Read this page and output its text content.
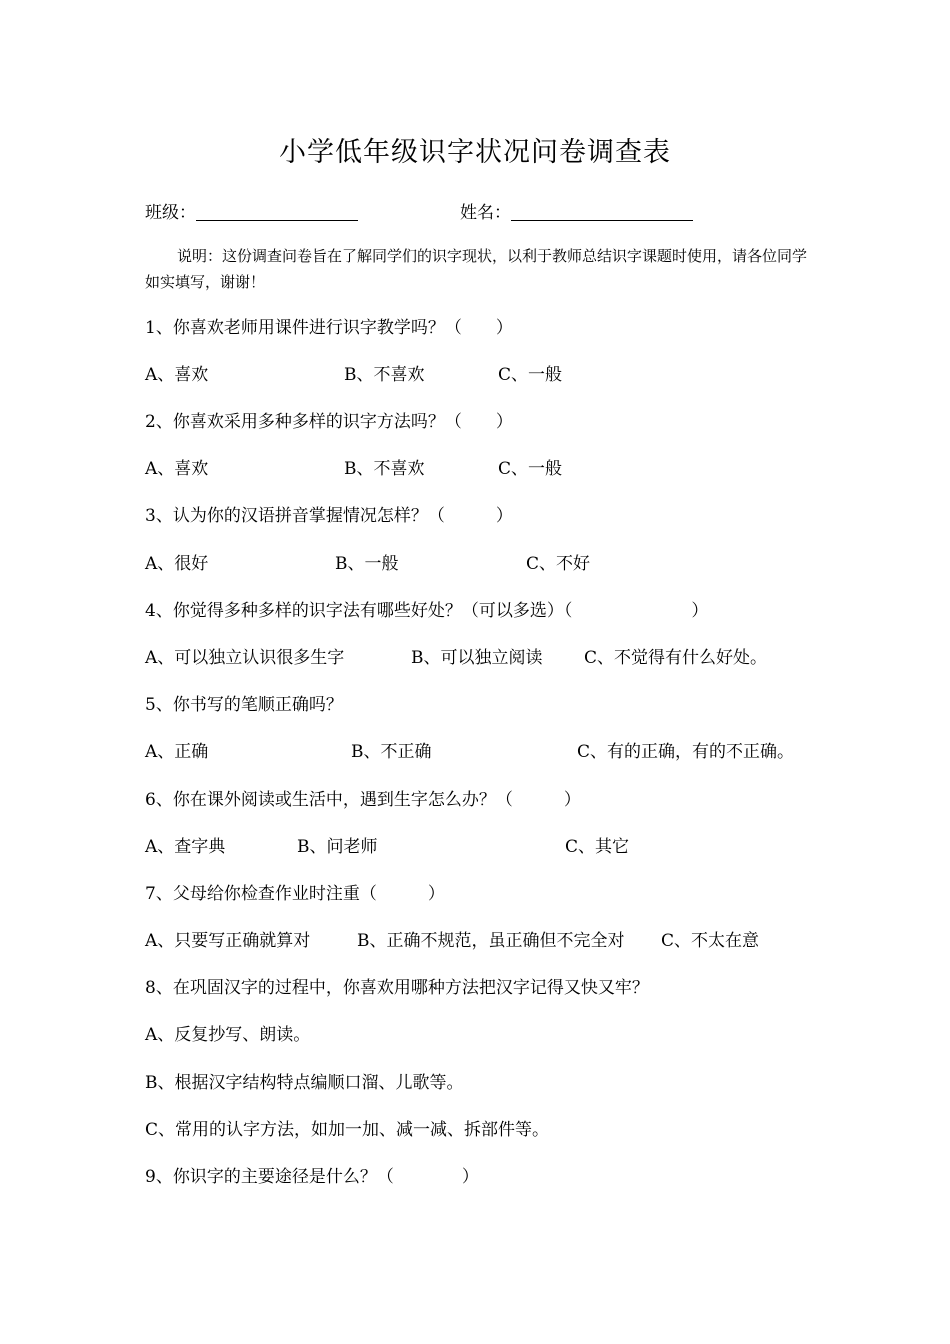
小学低年级识字状况问卷调查表
班级：	姓名：
说明：这份调查问卷旨在了解同学们的识字现状，以利于教师总结识字课题时使用，请各位同学如实填写，谢谢！
1、你喜欢老师用课件进行识字教学吗？（　　）
A、喜欢	B、不喜欢	C、一般
2、你喜欢采用多种多样的识字方法吗？（　　）
A、喜欢	B、不喜欢	C、一般
3、认为你的汉语拼音掌握情况怎样？（　　　）
A、很好	B、一般	C、不好
4、你觉得多种多样的识字法有哪些好处？（可以多选）（　　　　　　　）
A、可以独立认识很多生字	B、可以独立阅读 C、不觉得有什么好处。
5、你书写的笔顺正确吗？
A、正确	B、不正确	C、有的正确，有的不正确。
6、你在课外阅读或生活中，遇到生字怎么办？（　　　）
A、查字典	B、问老师	C、其它
7、父母给你检查作业时注重（　　　）
A、只要写正确就算对	B、正确不规范，虽正确但不完全对 C、不太在意
8、在巩固汉字的过程中，你喜欢用哪种方法把汉字记得又快又牢？
A、反复抄写、朗读。
B、根据汉字结构特点编顺口溜、儿歌等。
C、常用的认字方法，如加一加、减一减、拆部件等。
9、你识字的主要途径是什么？（　　　　）
